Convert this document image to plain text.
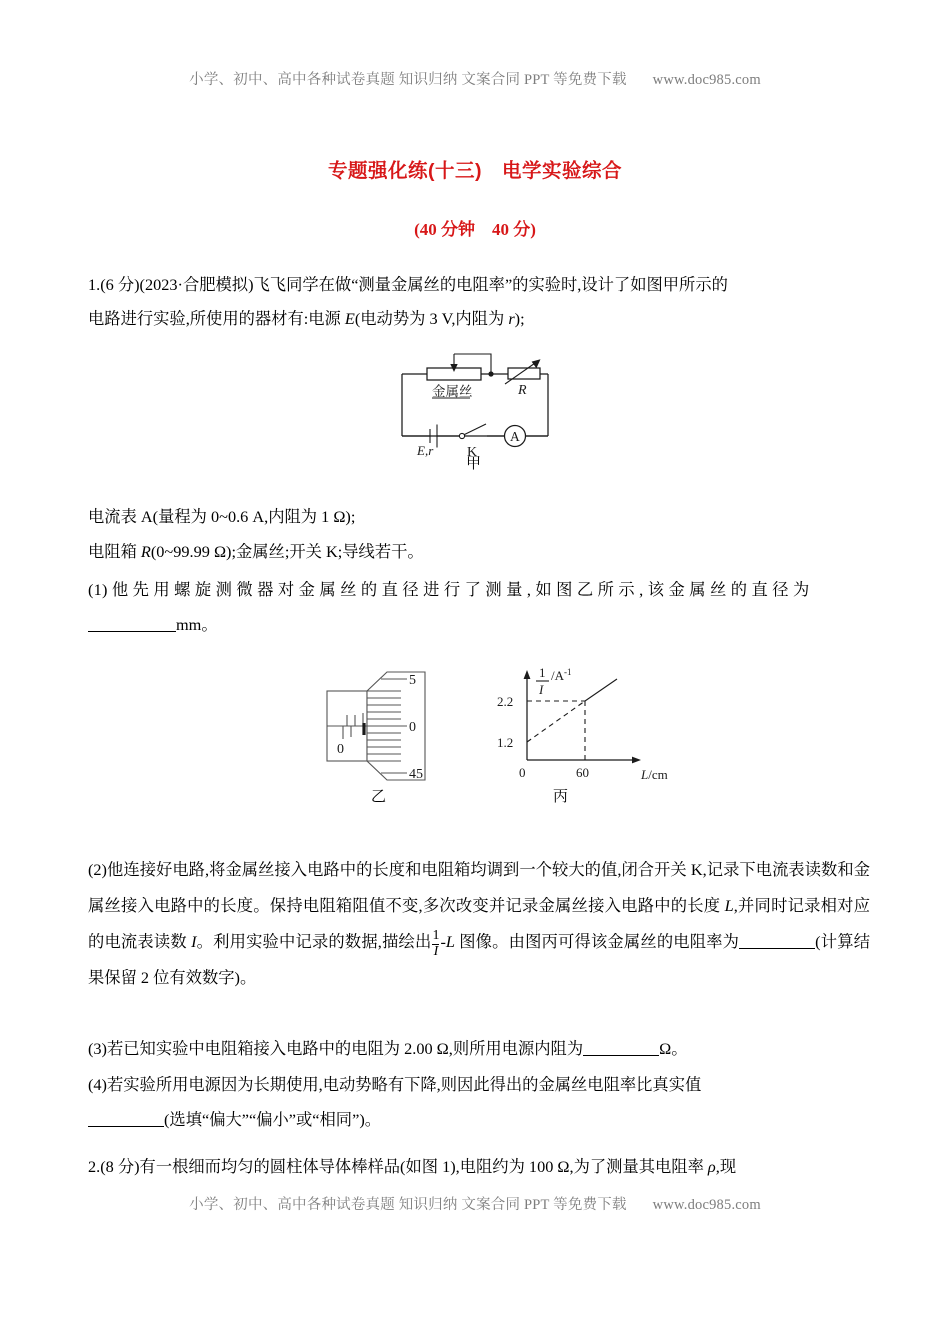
小学、初中、高中各种试卷真题 知识归纳 文案合同 PPT 等免费下载 www.doc985.com
专题强化练(十三)　电学实验综合
(40 分钟　40 分)
1.(6 分)(2023·合肥模拟)飞飞同学在做“测量金属丝的电阻率”的实验时,设计了如图甲所示的
电路进行实验,所使用的器材有:电源 E(电动势为 3 V,内阻为 r);
金属丝	R
E,r K
A
甲
电流表 A(量程为 0~0.6 A,内阻为 1 Ω);
电阻箱 R(0~99.99 Ω);金属丝;开关 K;导线若干。
(1) 他 先 用 螺 旋 测 微 器 对 金 属 丝 的 直 径 进 行 了 测 量 , 如 图 乙 所 示 , 该 金 属 丝 的 直 径 为
mm。
0
5
0
45
乙
2.2
1.2
0	60	L/cm
1
I
$/A^{-1}$
丙
(2)他连接好电路,将金属丝接入电路中的长度和电阻箱均调到一个较大的值,闭合开关 K,记录下电流表读数和金属丝接入电路中的长度。保持电阻箱阻值不变,多次改变并记录金属丝接入电路中的长度 L,并同时记录相对应的电流表读数 I。利用实验中记录的数据,描绘出 $\frac{1}{I} -L$ 图像。由图丙可得该金属丝的电阻率为	(计算结果保留 2 位有效数字)。
(3)若已知实验中电阻箱接入电路中的电阻为 2.00 Ω,则所用电源内阻为	Ω。
(4)若实验所用电源因为长期使用,电动势略有下降,则因此得出的金属丝电阻率比真实值
(选填“偏大”“偏小”或“相同”)。
2.(8 分)有一根细而均匀的圆柱体导体棒样品(如图 1),电阻约为 100 Ω,为了测量其电阻率 ρ,现
小学、初中、高中各种试卷真题 知识归纳 文案合同 PPT 等免费下载 www.doc985.com
